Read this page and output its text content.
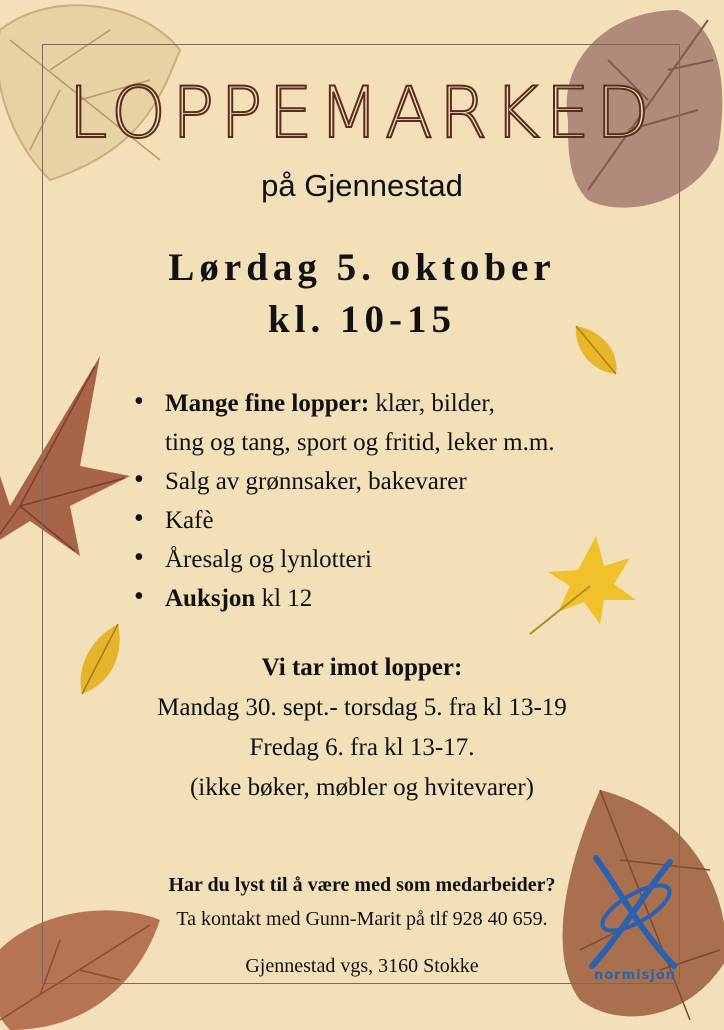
LOPPEMARKED
på Gjennestad
Lørdag 5. oktober
kl. 10-15
• Mange fine lopper: klær, bilder,
ting og tang, sport og fritid, leker m.m.
• Salg av grønnsaker, bakevarer
• Kafè
• Åresalg og lynlotteri
• Auksjon kl 12
Vi tar imot lopper:
Mandag 30. sept.- torsdag 5. fra kl 13-19
Fredag 6. fra kl 13-17.
(ikke bøker, møbler og hvitevarer)
Har du lyst til å være med som medarbeider?
Ta kontakt med Gunn-Marit på tlf 928 40 659.
Gjennestad vgs, 3160 Stokke	normisjon
